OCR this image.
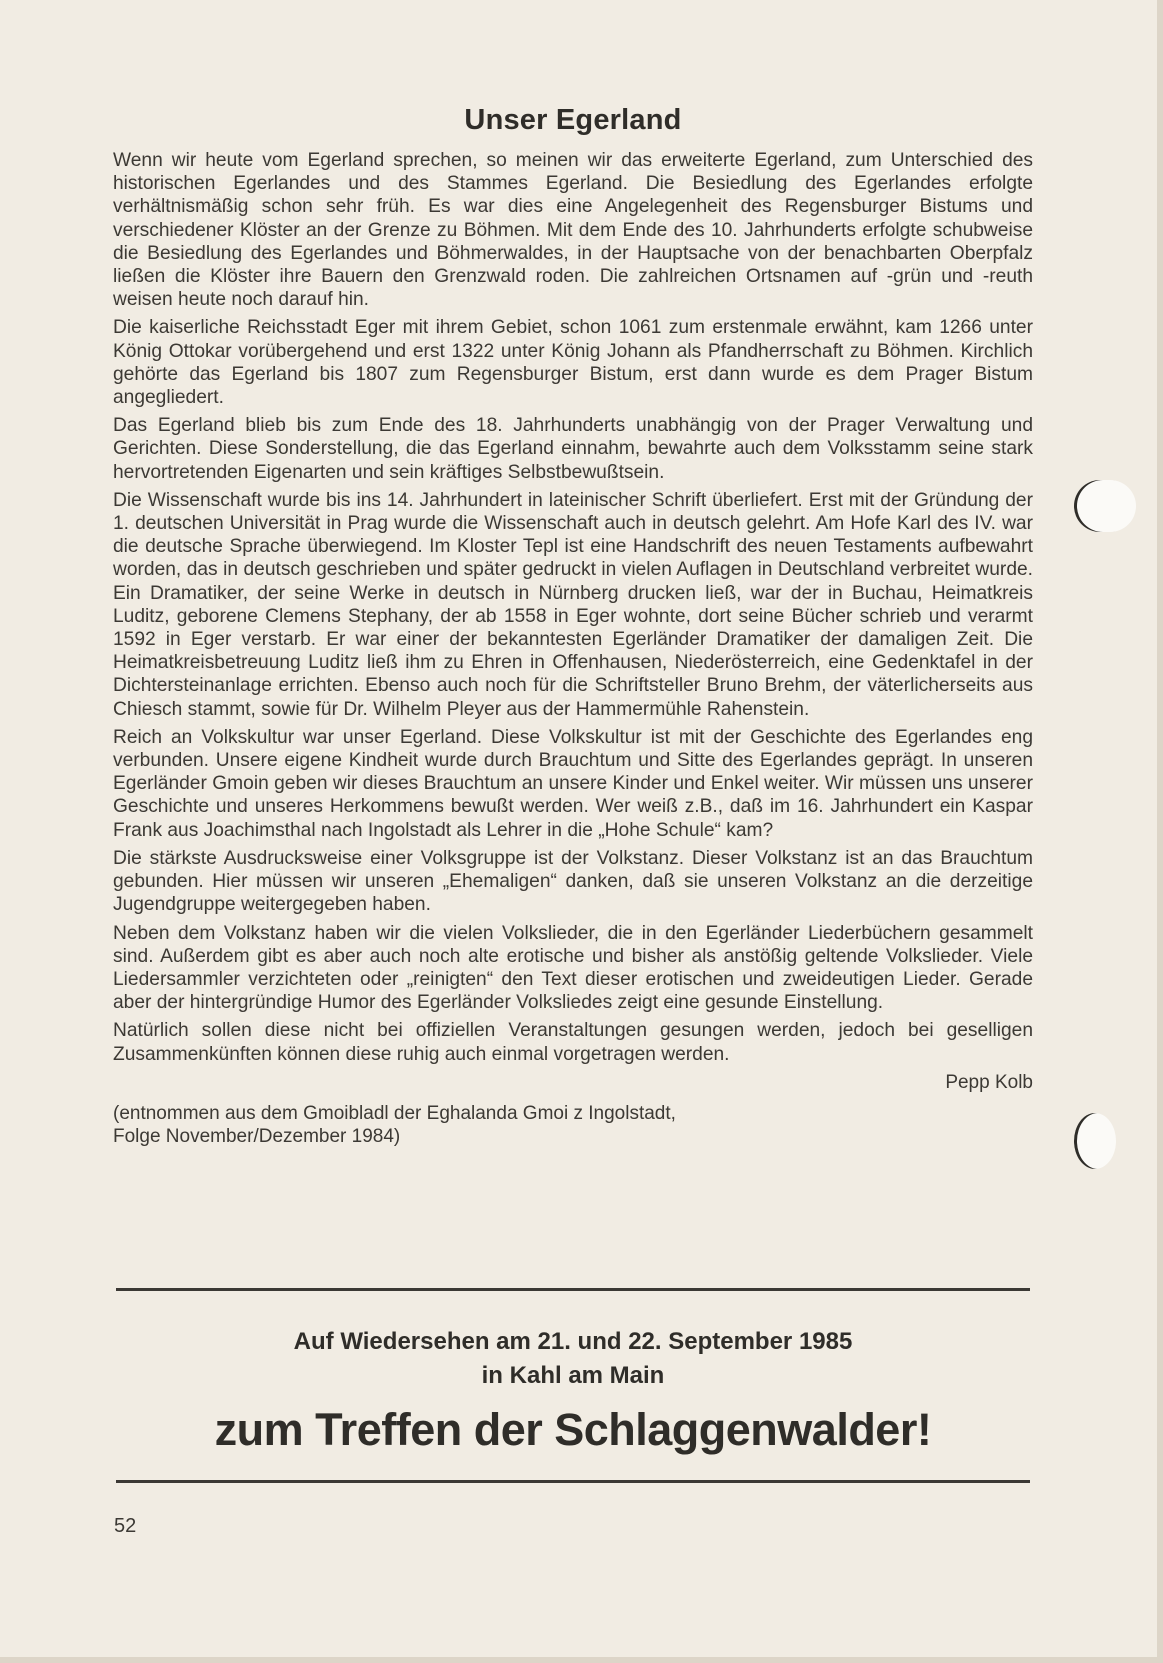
Unser Egerland

Wenn wir heute vom Egerland sprechen, so meinen wir das erweiterte Egerland, zum Unterschied des historischen Egerlandes und des Stammes Egerland. Die Besiedlung des Egerlandes erfolgte verhältnismäßig schon sehr früh. Es war dies eine Angelegenheit des Regensburger Bistums und verschiedener Klöster an der Grenze zu Böhmen. Mit dem Ende des 10. Jahrhunderts erfolgte schubweise die Besiedlung des Egerlandes und Böhmerwaldes, in der Hauptsache von der benachbarten Oberpfalz ließen die Klöster ihre Bauern den Grenzwald roden. Die zahlreichen Ortsnamen auf -grün und -reuth weisen heute noch darauf hin.

Die kaiserliche Reichsstadt Eger mit ihrem Gebiet, schon 1061 zum erstenmale erwähnt, kam 1266 unter König Ottokar vorübergehend und erst 1322 unter König Johann als Pfandherrschaft zu Böhmen. Kirchlich gehörte das Egerland bis 1807 zum Regensburger Bistum, erst dann wurde es dem Prager Bistum angegliedert.

Das Egerland blieb bis zum Ende des 18. Jahrhunderts unabhängig von der Prager Verwaltung und Gerichten. Diese Sonderstellung, die das Egerland einnahm, bewahrte auch dem Volksstamm seine stark hervortretenden Eigenarten und sein kräftiges Selbstbewußtsein.

Die Wissenschaft wurde bis ins 14. Jahrhundert in lateinischer Schrift überliefert. Erst mit der Gründung der 1. deutschen Universität in Prag wurde die Wissenschaft auch in deutsch gelehrt. Am Hofe Karl des IV. war die deutsche Sprache überwiegend. Im Kloster Tepl ist eine Handschrift des neuen Testaments aufbewahrt worden, das in deutsch geschrieben und später gedruckt in vielen Auflagen in Deutschland verbreitet wurde. Ein Dramatiker, der seine Werke in deutsch in Nürnberg drucken ließ, war der in Buchau, Heimatkreis Luditz, geborene Clemens Stephany, der ab 1558 in Eger wohnte, dort seine Bücher schrieb und verarmt 1592 in Eger verstarb. Er war einer der bekanntesten Egerländer Dramatiker der damaligen Zeit. Die Heimatkreisbetreuung Luditz ließ ihm zu Ehren in Offenhausen, Niederösterreich, eine Gedenktafel in der Dichtersteinanlage errichten. Ebenso auch noch für die Schriftsteller Bruno Brehm, der väterlicherseits aus Chiesch stammt, sowie für Dr. Wilhelm Pleyer aus der Hammermühle Rahenstein.

Reich an Volkskultur war unser Egerland. Diese Volkskultur ist mit der Geschichte des Egerlandes eng verbunden. Unsere eigene Kindheit wurde durch Brauchtum und Sitte des Egerlandes geprägt. In unseren Egerländer Gmoin geben wir dieses Brauchtum an unsere Kinder und Enkel weiter. Wir müssen uns unserer Geschichte und unseres Herkommens bewußt werden. Wer weiß z.B., daß im 16. Jahrhundert ein Kaspar Frank aus Joachimsthal nach Ingolstadt als Lehrer in die „Hohe Schule“ kam?

Die stärkste Ausdrucksweise einer Volksgruppe ist der Volkstanz. Dieser Volkstanz ist an das Brauchtum gebunden. Hier müssen wir unseren „Ehemaligen“ danken, daß sie unseren Volkstanz an die derzeitige Jugendgruppe weitergegeben haben.

Neben dem Volkstanz haben wir die vielen Volkslieder, die in den Egerländer Liederbüchern gesammelt sind. Außerdem gibt es aber auch noch alte erotische und bisher als anstößig geltende Volkslieder. Viele Liedersammler verzichteten oder „reinigten“ den Text dieser erotischen und zweideutigen Lieder. Gerade aber der hintergründige Humor des Egerländer Volksliedes zeigt eine gesunde Einstellung.

Natürlich sollen diese nicht bei offiziellen Veranstaltungen gesungen werden, jedoch bei geselligen Zusammenkünften können diese ruhig auch einmal vorgetragen werden.

Pepp Kolb

(entnommen aus dem Gmoibladl der Eghalanda Gmoi z Ingolstadt,

Folge November/Dezember 1984)

Auf Wiedersehen am 21. und 22. September 1985
in Kahl am Main
zum Treffen der Schlaggenwalder!
52
